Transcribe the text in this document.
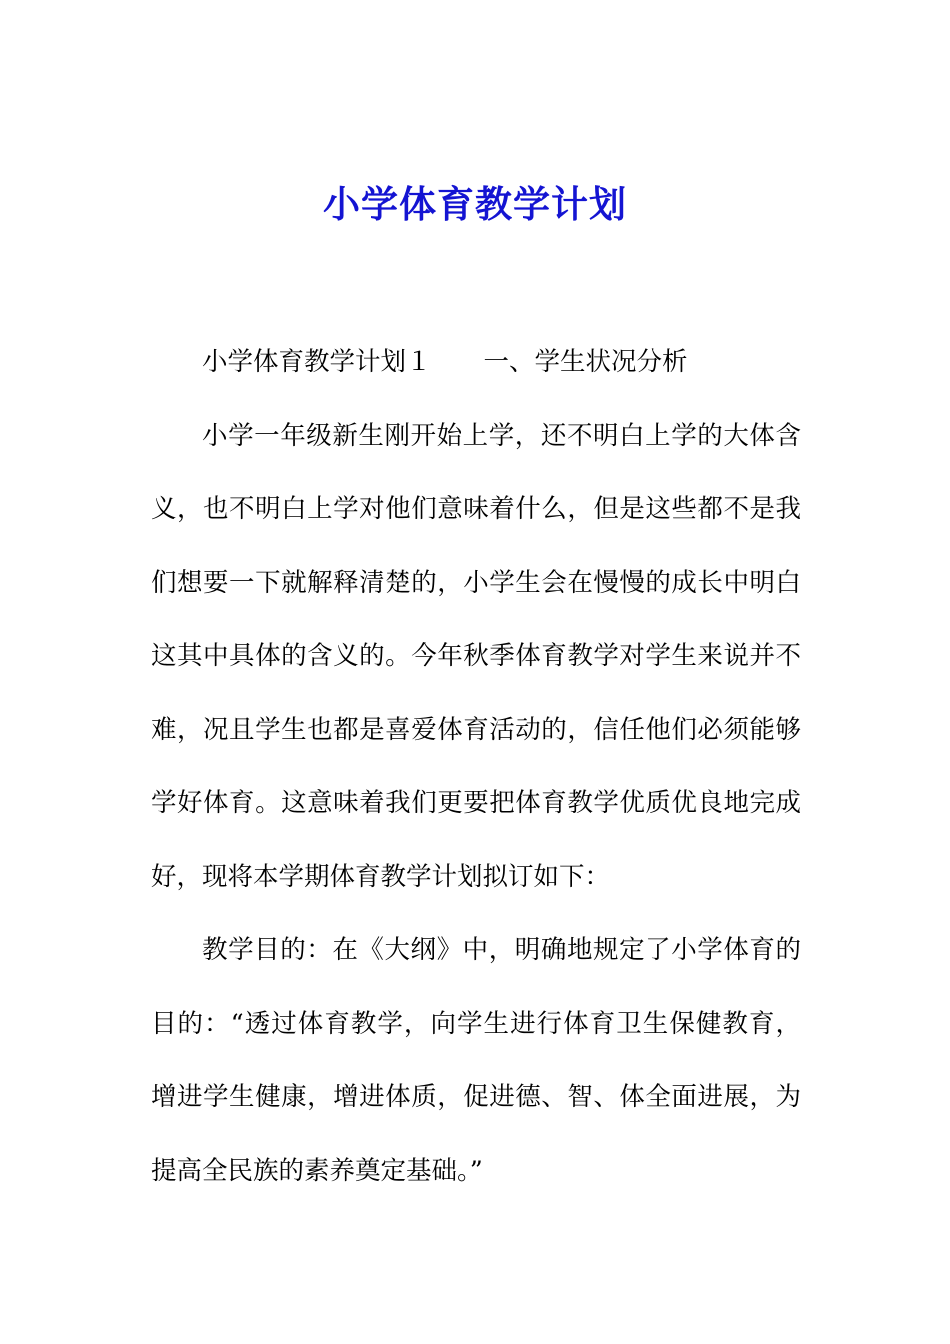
小学体育教学计划

小学体育教学计划１ 一、学生状况分析

小学一年级新生刚开始上学，还不明白上学的大体含义，也不明白上学对他们意味着什么，但是这些都不是我们想要一下就解释清楚的，小学生会在慢慢的成长中明白这其中具体的含义的。今年秋季体育教学对学生来说并不难，况且学生也都是喜爱体育活动的，信任他们必须能够学好体育。这意味着我们更要把体育教学优质优良地完成好，现将本学期体育教学计划拟订如下：

教学目的：在《大纲》中，明确地规定了小学体育的目的：“透过体育教学，向学生进行体育卫生保健教育，增进学生健康，增进体质，促进德、智、体全面进展，为提高全民族的素养奠定基础。”
